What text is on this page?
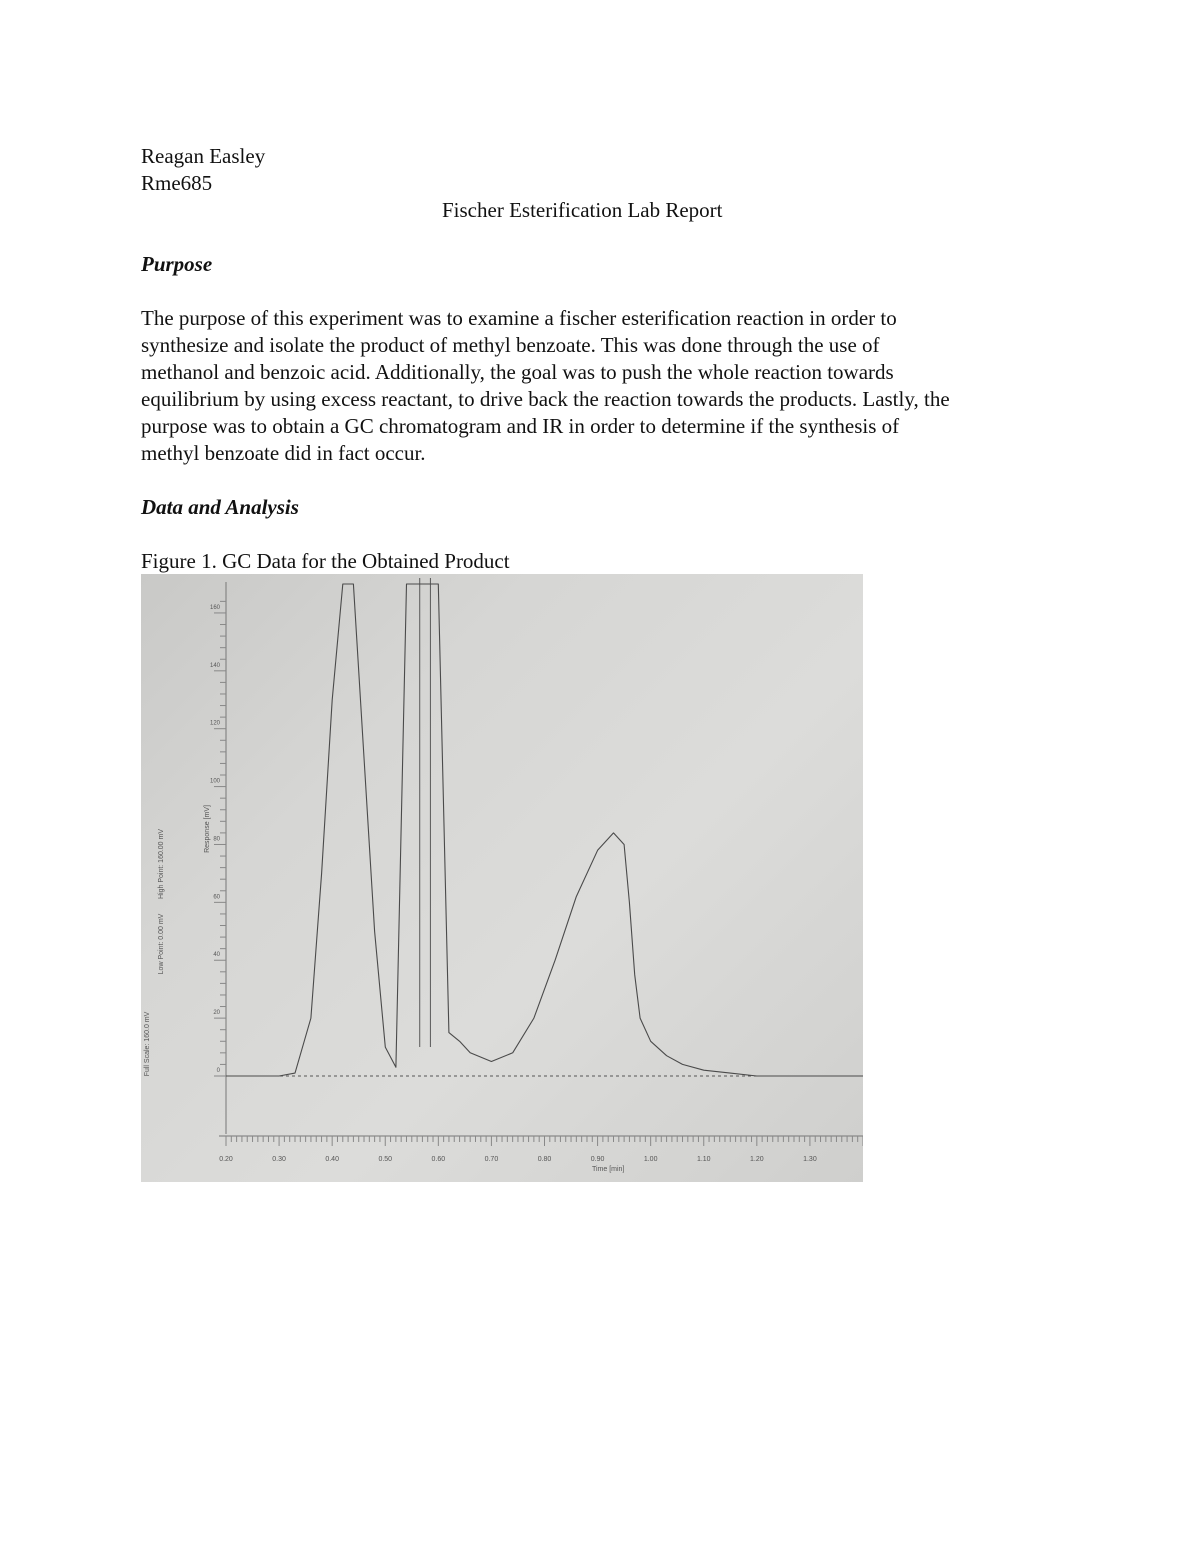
Reagan Easley
Rme685
Fischer Esterification Lab Report
Purpose
The purpose of this experiment was to examine a fischer esterification reaction in order to
synthesize and isolate the product of methyl benzoate. This was done through the use of
methanol and benzoic acid. Additionally, the goal was to push the whole reaction towards
equilibrium by using excess reactant, to drive back the reaction towards the products. Lastly, the
purpose was to obtain a GC chromatogram and IR in order to determine if the synthesis of
methyl benzoate did in fact occur.
Data and Analysis
Figure 1. GC Data for the Obtained Product
0
20
40
60
80
100
120
140
160
0.20	0.30	0.40	0.50	0.60	0.70	0.80	0.90	1.00	1.10	1.20	1.30
Time [min]
Response [mV]
Full Scale: 160.0 mV
Low Point: 0.00 mV
High Point: 160.00 mV
